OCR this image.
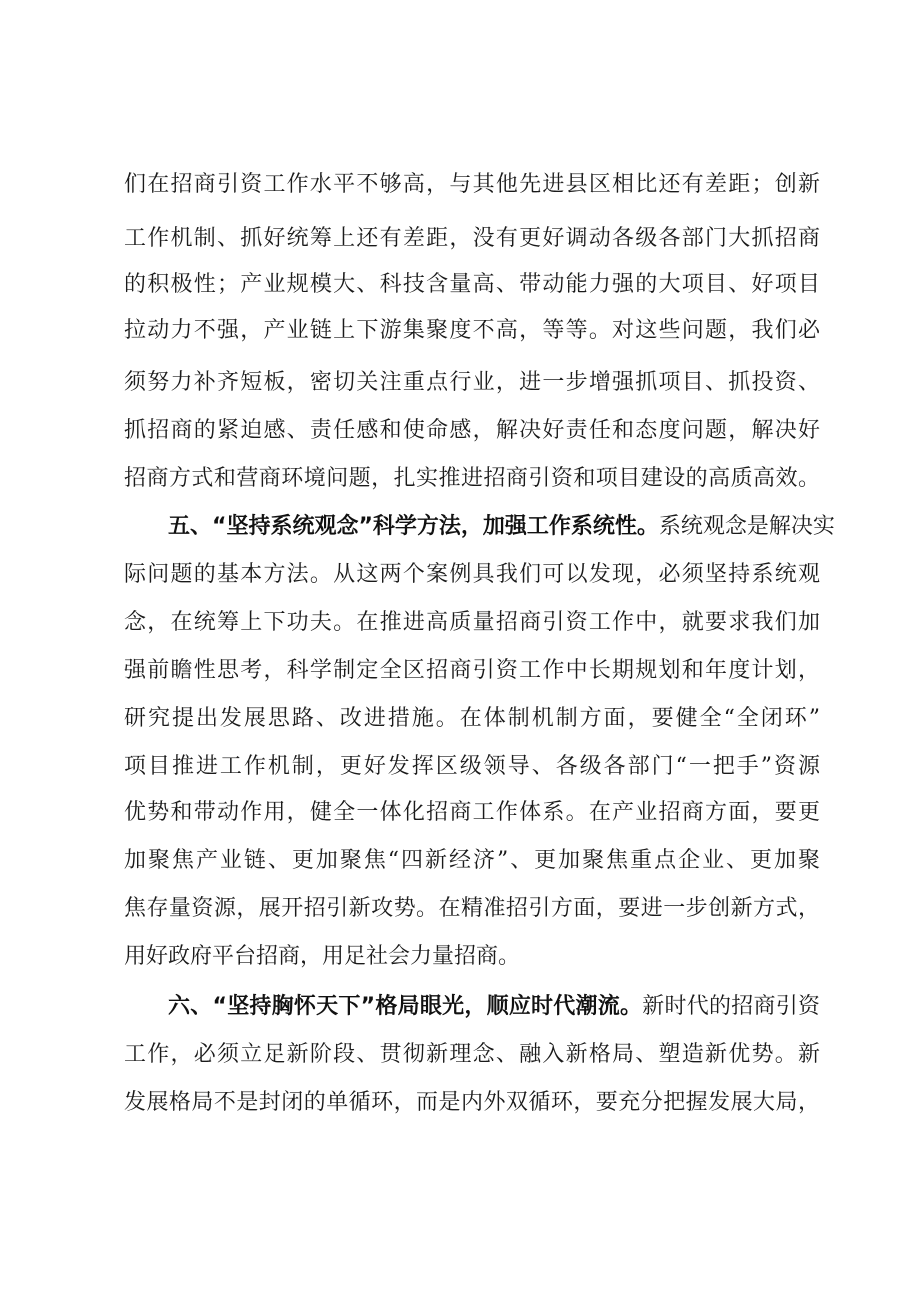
们在招商引资工作水平不够高，与其他先进县区相比还有差距；创新
工作机制、抓好统筹上还有差距，没有更好调动各级各部门大抓招商
的积极性；产业规模大、科技含量高、带动能力强的大项目、好项目
拉动力不强，产业链上下游集聚度不高，等等。对这些问题，我们必
须努力补齐短板，密切关注重点行业，进一步增强抓项目、抓投资、
抓招商的紧迫感、责任感和使命感，解决好责任和态度问题，解决好
招商方式和营商环境问题，扎实推进招商引资和项目建设的高质高效。
五、“坚持系统观念”科学方法，加强工作系统性。系统观念是解决实
际问题的基本方法。从这两个案例具我们可以发现，必须坚持系统观
念，在统筹上下功夫。在推进高质量招商引资工作中，就要求我们加
强前瞻性思考，科学制定全区招商引资工作中长期规划和年度计划，
研究提出发展思路、改进措施。在体制机制方面，要健全“全闭环”
项目推进工作机制，更好发挥区级领导、各级各部门“一把手”资源
优势和带动作用，健全一体化招商工作体系。在产业招商方面，要更
加聚焦产业链、更加聚焦“四新经济”、更加聚焦重点企业、更加聚
焦存量资源，展开招引新攻势。在精准招引方面，要进一步创新方式，
用好政府平台招商，用足社会力量招商。
六、“坚持胸怀天下”格局眼光，顺应时代潮流。新时代的招商引资
工作，必须立足新阶段、贯彻新理念、融入新格局、塑造新优势。新
发展格局不是封闭的单循环，而是内外双循环，要充分把握发展大局，
